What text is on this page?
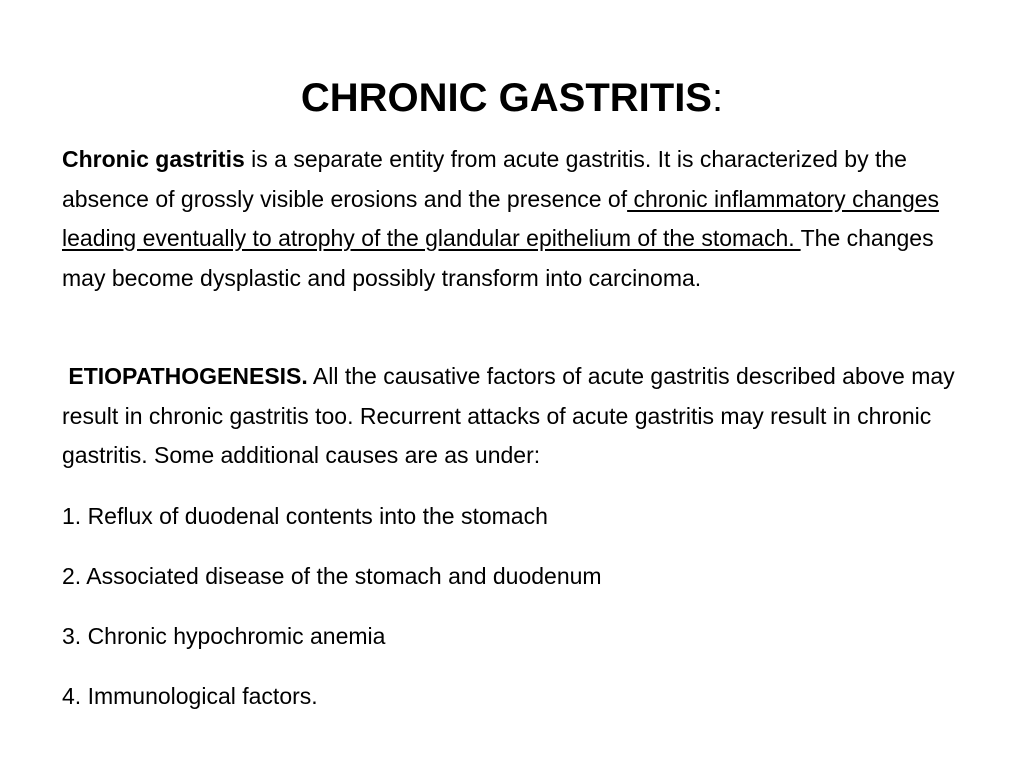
CHRONIC GASTRITIS:
Chronic gastritis is a separate entity from acute gastritis. It is characterized by the absence of grossly visible erosions and the presence of chronic inflammatory changes leading eventually to atrophy of the glandular epithelium of the stomach. The changes may become dysplastic and possibly transform into carcinoma.
ETIOPATHOGENESIS. All the causative factors of acute gastritis described above may result in chronic gastritis too. Recurrent attacks of acute gastritis may result in chronic gastritis. Some additional causes are as under:
1. Reflux of duodenal contents into the stomach
2. Associated disease of the stomach and duodenum
3. Chronic hypochromic anemia
4. Immunological factors.
